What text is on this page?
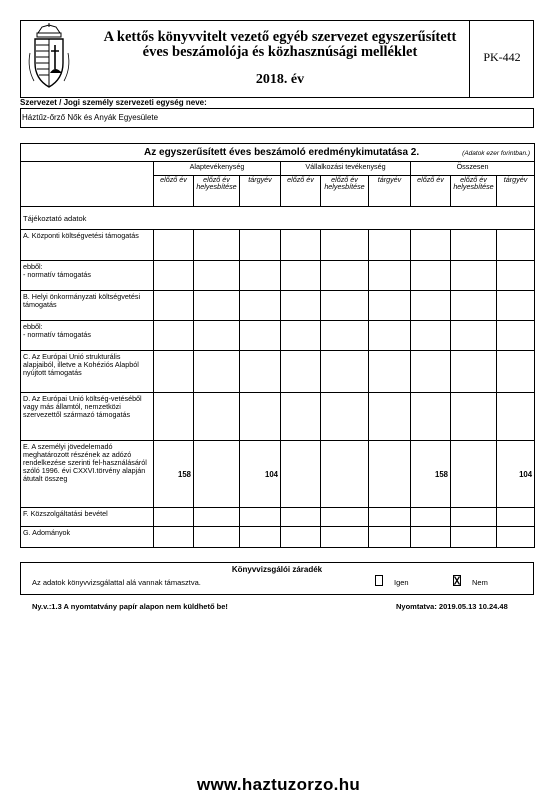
A kettős könyvvitelt vezető egyéb szervezet egyszerűsített
éves beszámolója és közhasznúsági melléklet
2018. év
PK-442
Szervezet / Jogi személy szervezeti egység neve:
Háztűz-őrző Nők és Anyák Egyesülete
Az egyszerűsített éves beszámoló eredménykimutatása 2. (Adatok ezer forintban.)									

	Alaptevékenység			Vállalkozási tevékenység			Összesen		
	előző év	előző év helyesbítése	tárgyév	előző év	előző év helyesbítése	tárgyév	előző év	előző év helyesbítése	tárgyév
Tájékoztató adatok									
A. Központi költségvetési támogatás									
ebből:
- normatív támogatás									
B. Helyi önkormányzati költségvetési támogatás									
ebből:
- normatív támogatás									
C. Az Európai Unió strukturális alapjaiból, illetve a Kohéziós Alapból nyújtott támogatás									
D. Az Európai Unió költség-vetéséből vagy más államtól, nemzetközi szervezettől származó támogatás									
E. A személyi jövedelemadó meghatározott részének az adózó rendelkezése szerinti fel-használásáról szóló 1996. évi CXXVI.törvény alapján átutalt összeg	158		104				158		104
F. Közszolgáltatási bevétel									
G. Adományok									
Könyvvizsgálói záradék
Az adatok könyvvizsgálattal alá vannak támasztva.	Igen	Nem
Ny.v.:1.3 A nyomtatvány papír alapon nem küldhető be!	Nyomtatva: 2019.05.13 10.24.48
www.haztuzorzo.hu
